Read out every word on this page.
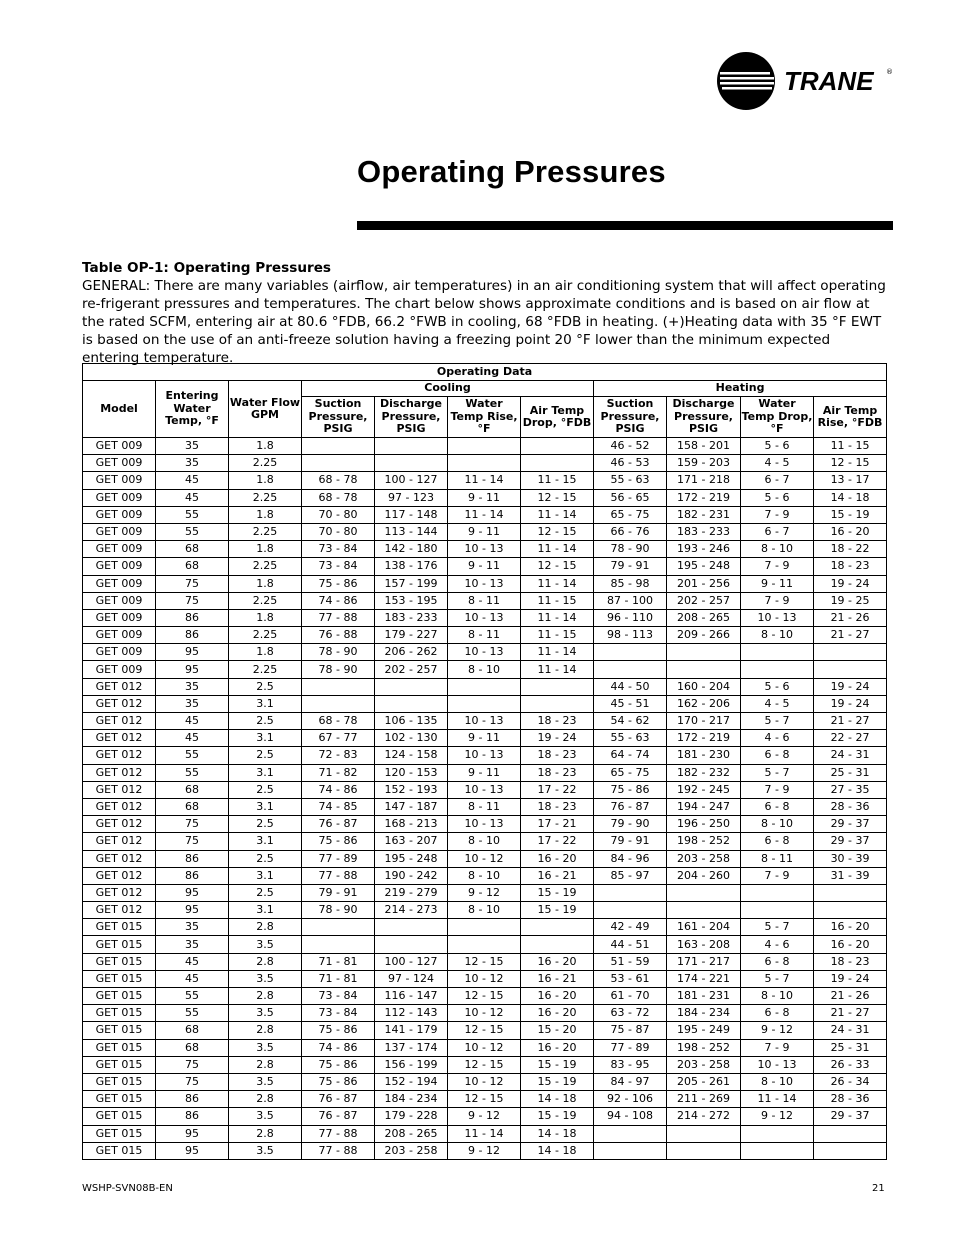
TRANE ®
Operating Pressures
Table OP-1: Operating Pressures
GENERAL: There are many variables (airflow, air temperatures) in an air conditioning system that will affect operating re-frigerant pressures and temperatures. The chart below shows approximate conditions and is based on air flow at the rated SCFM, entering air at 80.6 °FDB, 66.2 °FWB in cooling, 68 °FDB in heating. (+)Heating data with 35 °F EWT is based on the use of an anti-freeze solution having a freezing point 20 °F lower than the minimum expected entering temperature.
Operating Data										
Model	Entering Water Temp, °F	Water Flow GPM	Cooling				Heating			
			Suction Pressure, PSIG	Discharge Pressure, PSIG	Water Temp Rise, °F	Air Temp Drop, °FDB	Suction Pressure, PSIG	Discharge Pressure, PSIG	Water Temp Drop, °F	Air Temp Rise, °FDB
GET 009	35	1.8					46 - 52	158 - 201	5 - 6	11 - 15
GET 009	35	2.25					46 - 53	159 - 203	4 - 5	12 - 15
GET 009	45	1.8	68 - 78	100 - 127	11 - 14	11 - 15	55 - 63	171 - 218	6 - 7	13 - 17
GET 009	45	2.25	68 - 78	97 - 123	9 - 11	12 - 15	56 - 65	172 - 219	5 - 6	14 - 18
GET 009	55	1.8	70 - 80	117 - 148	11 - 14	11 - 14	65 - 75	182 - 231	7 - 9	15 - 19
GET 009	55	2.25	70 - 80	113 - 144	9 - 11	12 - 15	66 - 76	183 - 233	6 - 7	16 - 20
GET 009	68	1.8	73 - 84	142 - 180	10 - 13	11 - 14	78 - 90	193 - 246	8 - 10	18 - 22
GET 009	68	2.25	73 - 84	138 - 176	9 - 11	12 - 15	79 - 91	195 - 248	7 - 9	18 - 23
GET 009	75	1.8	75 - 86	157 - 199	10 - 13	11 - 14	85 - 98	201 - 256	9 - 11	19 - 24
GET 009	75	2.25	74 - 86	153 - 195	8 - 11	11 - 15	87 - 100	202 - 257	7 - 9	19 - 25
GET 009	86	1.8	77 - 88	183 - 233	10 - 13	11 - 14	96 - 110	208 - 265	10 - 13	21 - 26
GET 009	86	2.25	76 - 88	179 - 227	8 - 11	11 - 15	98 - 113	209 - 266	8 - 10	21 - 27
GET 009	95	1.8	78 - 90	206 - 262	10 - 13	11 - 14				
GET 009	95	2.25	78 - 90	202 - 257	8 - 10	11 - 14				
GET 012	35	2.5					44 - 50	160 - 204	5 - 6	19 - 24
GET 012	35	3.1					45 - 51	162 - 206	4 - 5	19 - 24
GET 012	45	2.5	68 - 78	106 - 135	10 - 13	18 - 23	54 - 62	170 - 217	5 - 7	21 - 27
GET 012	45	3.1	67 - 77	102 - 130	9 - 11	19 - 24	55 - 63	172 - 219	4 - 6	22 - 27
GET 012	55	2.5	72 - 83	124 - 158	10 - 13	18 - 23	64 - 74	181 - 230	6 - 8	24 - 31
GET 012	55	3.1	71 - 82	120 - 153	9 - 11	18 - 23	65 - 75	182 - 232	5 - 7	25 - 31
GET 012	68	2.5	74 - 86	152 - 193	10 - 13	17 - 22	75 - 86	192 - 245	7 - 9	27 - 35
GET 012	68	3.1	74 - 85	147 - 187	8 - 11	18 - 23	76 - 87	194 - 247	6 - 8	28 - 36
GET 012	75	2.5	76 - 87	168 - 213	10 - 13	17 - 21	79 - 90	196 - 250	8 - 10	29 - 37
GET 012	75	3.1	75 - 86	163 - 207	8 - 10	17 - 22	79 - 91	198 - 252	6 - 8	29 - 37
GET 012	86	2.5	77 - 89	195 - 248	10 - 12	16 - 20	84 - 96	203 - 258	8 - 11	30 - 39
GET 012	86	3.1	77 - 88	190 - 242	8 - 10	16 - 21	85 - 97	204 - 260	7 - 9	31 - 39
GET 012	95	2.5	79 - 91	219 - 279	9 - 12	15 - 19				
GET 012	95	3.1	78 - 90	214 - 273	8 - 10	15 - 19				
GET 015	35	2.8					42 - 49	161 - 204	5 - 7	16 - 20
GET 015	35	3.5					44 - 51	163 - 208	4 - 6	16 - 20
GET 015	45	2.8	71 - 81	100 - 127	12 - 15	16 - 20	51 - 59	171 - 217	6 - 8	18 - 23
GET 015	45	3.5	71 - 81	97 - 124	10 - 12	16 - 21	53 - 61	174 - 221	5 - 7	19 - 24
GET 015	55	2.8	73 - 84	116 - 147	12 - 15	16 - 20	61 - 70	181 - 231	8 - 10	21 - 26
GET 015	55	3.5	73 - 84	112 - 143	10 - 12	16 - 20	63 - 72	184 - 234	6 - 8	21 - 27
GET 015	68	2.8	75 - 86	141 - 179	12 - 15	15 - 20	75 - 87	195 - 249	9 - 12	24 - 31
GET 015	68	3.5	74 - 86	137 - 174	10 - 12	16 - 20	77 - 89	198 - 252	7 - 9	25 - 31
GET 015	75	2.8	75 - 86	156 - 199	12 - 15	15 - 19	83 - 95	203 - 258	10 - 13	26 - 33
GET 015	75	3.5	75 - 86	152 - 194	10 - 12	15 - 19	84 - 97	205 - 261	8 - 10	26 - 34
GET 015	86	2.8	76 - 87	184 - 234	12 - 15	14 - 18	92 - 106	211 - 269	11 - 14	28 - 36
GET 015	86	3.5	76 - 87	179 - 228	9 - 12	15 - 19	94 - 108	214 - 272	9 - 12	29 - 37
GET 015	95	2.8	77 - 88	208 - 265	11 - 14	14 - 18				
GET 015	95	3.5	77 - 88	203 - 258	9 - 12	14 - 18				
WSHP-SVN08B-EN	21
